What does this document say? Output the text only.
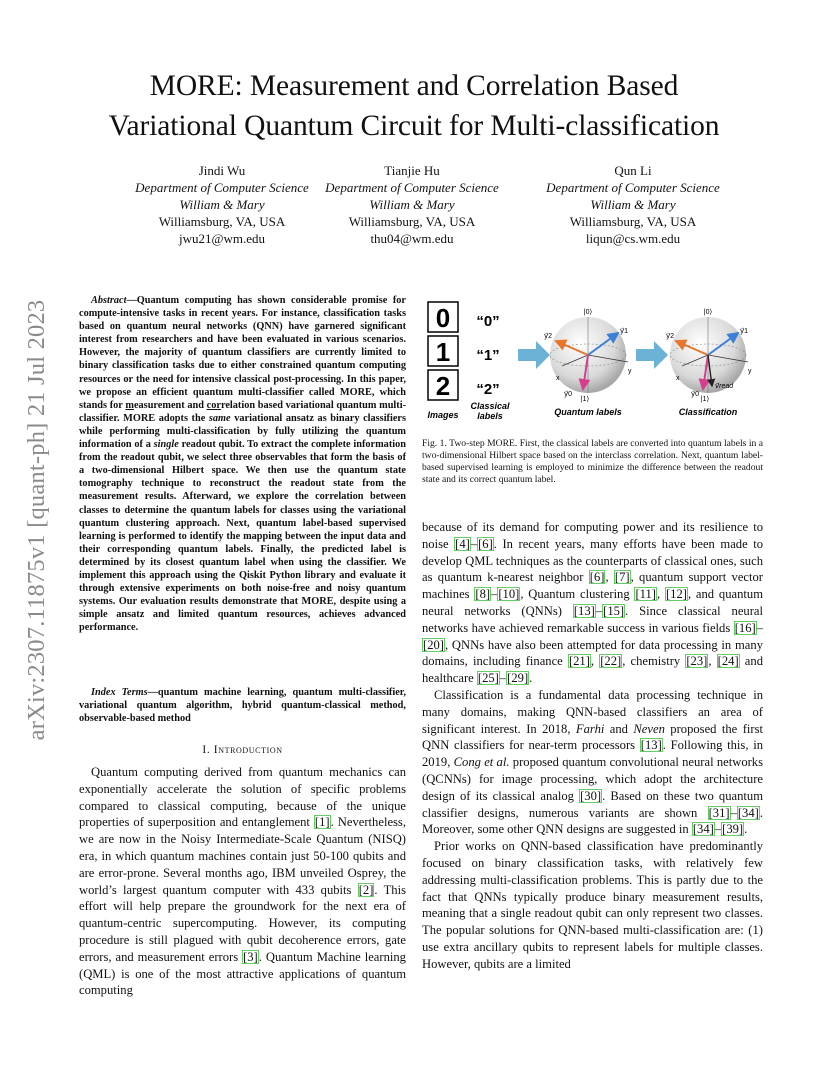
MORE: Measurement and Correlation Based
Variational Quantum Circuit for Multi-classification
Jindi Wu
Department of Computer Science
William & Mary
Williamsburg, VA, USA
jwu21@wm.edu
Tianjie Hu
Department of Computer Science
William & Mary
Williamsburg, VA, USA
thu04@wm.edu
Qun Li
Department of Computer Science
William & Mary
Williamsburg, VA, USA
liqun@cs.wm.edu
arXiv:2307.11875v1 [quant-ph] 21 Jul 2023	Abstract—Quantum computing has shown considerable promise for compute-intensive tasks in recent years. For instance, classification tasks based on quantum neural networks (QNN) have garnered significant interest from researchers and have been evaluated in various scenarios. However, the majority of quantum classifiers are currently limited to binary classification tasks due to either constrained quantum computing resources or the need for intensive classical post-processing. In this paper, we propose an efficient quantum multi-classifier called MORE, which stands for measurement and correlation based variational quantum multi-classifier. MORE adopts the same variational ansatz as binary classifiers while performing multi-classification by fully utilizing the quantum information of a single readout qubit. To extract the complete information from the readout qubit, we select three observables that form the basis of a two-dimensional Hilbert space. We then use the quantum state tomography technique to reconstruct the readout state from the measurement results. Afterward, we explore the correlation between classes to determine the quantum labels for classes using the variational quantum clustering approach. Next, quantum label-based supervised learning is performed to identify the mapping between the input data and their corresponding quantum labels. Finally, the predicted label is determined by its closest quantum label when using the classifier. We implement this approach using the Qiskit Python library and evaluate it through extensive experiments on both noise-free and noisy quantum systems. Our evaluation results demonstrate that MORE, despite using a simple ansatz and limited quantum resources, achieves advanced performance.

Index Terms—quantum machine learning, quantum multi-classifier, variational quantum algorithm, hybrid quantum-classical method, observable-based method

I. Introduction

Quantum computing derived from quantum mechanics can exponentially accelerate the solution of specific problems compared to classical computing, because of the unique properties of superposition and entanglement [1]. Nevertheless, we are now in the Noisy Intermediate-Scale Quantum (NISQ) era, in which quantum machines contain just 50-100 qubits and are error-prone. Several months ago, IBM unveiled Osprey, the world’s largest quantum computer with 433 qubits [2]. This effort will help prepare the groundwork for the next era of quantum-centric supercomputing. However, its computing procedure is still plagued with qubit decoherence errors, gate errors, and measurement errors [3]. Quantum Machine learning (QML) is one of the most attractive applications of quantum computing

0
1
2
Images
“0”
“1”
“2”
Classical
labels
|0⟩
|1⟩
x
y
y⃗1
y⃗2
y⃗0
Quantum labels
|0⟩
|1⟩
x
y
y⃗1
y⃗2
y⃗0
v⃗read
Classification

Fig. 1. Two-step MORE. First, the classical labels are converted into quantum labels in a two-dimensional Hilbert space based on the interclass correlation. Next, quantum label-based supervised learning is employed to minimize the difference between the readout state and its correct quantum label.

because of its demand for computing power and its resilience to noise [4]–[6]. In recent years, many efforts have been made to develop QML techniques as the counterparts of classical ones, such as quantum k-nearest neighbor [6], [7], quantum support vector machines [8]–[10], Quantum clustering [11], [12], and quantum neural networks (QNNs) [13]–[15]. Since classical neural networks have achieved remarkable success in various fields [16]–[20], QNNs have also been attempted for data processing in many domains, including finance [21], [22], chemistry [23], [24] and healthcare [25]–[29].

Classification is a fundamental data processing technique in many domains, making QNN-based classifiers an area of significant interest. In 2018, Farhi and Neven proposed the first QNN classifiers for near-term processors [13]. Following this, in 2019, Cong et al. proposed quantum convolutional neural networks (QCNNs) for image processing, which adopt the architecture design of its classical analog [30]. Based on these two quantum classifier designs, numerous variants are shown [31]–[34]. Moreover, some other QNN designs are suggested in [34]–[39].

Prior works on QNN-based classification have predominantly focused on binary classification tasks, with relatively few addressing multi-classification problems. This is partly due to the fact that QNNs typically produce binary measurement results, meaning that a single readout qubit can only represent two classes. The popular solutions for QNN-based multi-classification are: (1) use extra ancillary qubits to represent labels for multiple classes. However, qubits are a limited
